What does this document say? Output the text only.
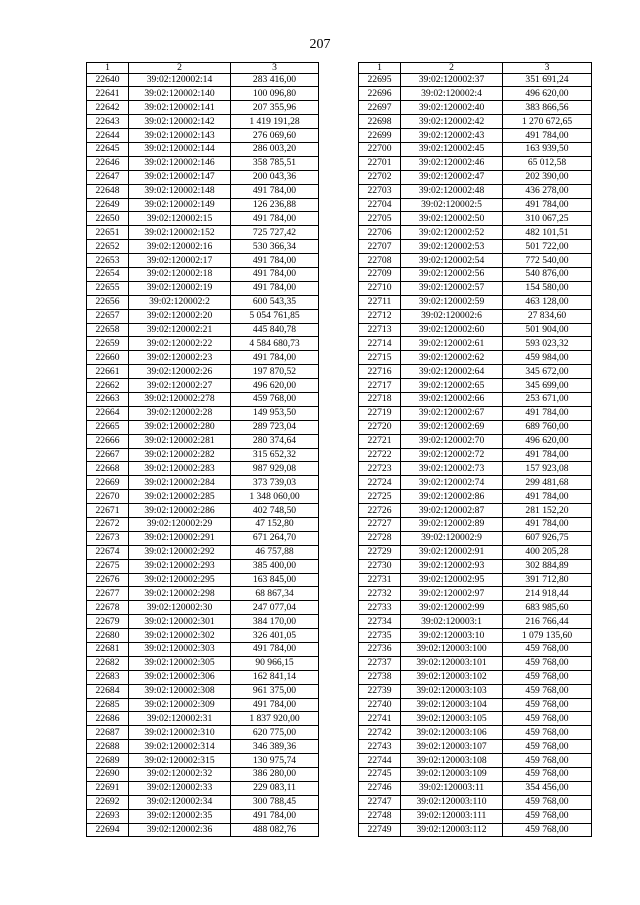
207
1	2	3
22640	39:02:120002:14	283 416,00
22641	39:02:120002:140	100 096,80
22642	39:02:120002:141	207 355,96
22643	39:02:120002:142	1 419 191,28
22644	39:02:120002:143	276 069,60
22645	39:02:120002:144	286 003,20
22646	39:02:120002:146	358 785,51
22647	39:02:120002:147	200 043,36
22648	39:02:120002:148	491 784,00
22649	39:02:120002:149	126 236,88
22650	39:02:120002:15	491 784,00
22651	39:02:120002:152	725 727,42
22652	39:02:120002:16	530 366,34
22653	39:02:120002:17	491 784,00
22654	39:02:120002:18	491 784,00
22655	39:02:120002:19	491 784,00
22656	39:02:120002:2	600 543,35
22657	39:02:120002:20	5 054 761,85
22658	39:02:120002:21	445 840,78
22659	39:02:120002:22	4 584 680,73
22660	39:02:120002:23	491 784,00
22661	39:02:120002:26	197 870,52
22662	39:02:120002:27	496 620,00
22663	39:02:120002:278	459 768,00
22664	39:02:120002:28	149 953,50
22665	39:02:120002:280	289 723,04
22666	39:02:120002:281	280 374,64
22667	39:02:120002:282	315 652,32
22668	39:02:120002:283	987 929,08
22669	39:02:120002:284	373 739,03
22670	39:02:120002:285	1 348 060,00
22671	39:02:120002:286	402 748,50
22672	39:02:120002:29	47 152,80
22673	39:02:120002:291	671 264,70
22674	39:02:120002:292	46 757,88
22675	39:02:120002:293	385 400,00
22676	39:02:120002:295	163 845,00
22677	39:02:120002:298	68 867,34
22678	39:02:120002:30	247 077,04
22679	39:02:120002:301	384 170,00
22680	39:02:120002:302	326 401,05
22681	39:02:120002:303	491 784,00
22682	39:02:120002:305	90 966,15
22683	39:02:120002:306	162 841,14
22684	39:02:120002:308	961 375,00
22685	39:02:120002:309	491 784,00
22686	39:02:120002:31	1 837 920,00
22687	39:02:120002:310	620 775,00
22688	39:02:120002:314	346 389,36
22689	39:02:120002:315	130 975,74
22690	39:02:120002:32	386 280,00
22691	39:02:120002:33	229 083,11
22692	39:02:120002:34	300 788,45
22693	39:02:120002:35	491 784,00
22694	39:02:120002:36	488 082,76
1	2	3
22695	39:02:120002:37	351 691,24
22696	39:02:120002:4	496 620,00
22697	39:02:120002:40	383 866,56
22698	39:02:120002:42	1 270 672,65
22699	39:02:120002:43	491 784,00
22700	39:02:120002:45	163 939,50
22701	39:02:120002:46	65 012,58
22702	39:02:120002:47	202 390,00
22703	39:02:120002:48	436 278,00
22704	39:02:120002:5	491 784,00
22705	39:02:120002:50	310 067,25
22706	39:02:120002:52	482 101,51
22707	39:02:120002:53	501 722,00
22708	39:02:120002:54	772 540,00
22709	39:02:120002:56	540 876,00
22710	39:02:120002:57	154 580,00
22711	39:02:120002:59	463 128,00
22712	39:02:120002:6	27 834,60
22713	39:02:120002:60	501 904,00
22714	39:02:120002:61	593 023,32
22715	39:02:120002:62	459 984,00
22716	39:02:120002:64	345 672,00
22717	39:02:120002:65	345 699,00
22718	39:02:120002:66	253 671,00
22719	39:02:120002:67	491 784,00
22720	39:02:120002:69	689 760,00
22721	39:02:120002:70	496 620,00
22722	39:02:120002:72	491 784,00
22723	39:02:120002:73	157 923,08
22724	39:02:120002:74	299 481,68
22725	39:02:120002:86	491 784,00
22726	39:02:120002:87	281 152,20
22727	39:02:120002:89	491 784,00
22728	39:02:120002:9	607 926,75
22729	39:02:120002:91	400 205,28
22730	39:02:120002:93	302 884,89
22731	39:02:120002:95	391 712,80
22732	39:02:120002:97	214 918,44
22733	39:02:120002:99	683 985,60
22734	39:02:120003:1	216 766,44
22735	39:02:120003:10	1 079 135,60
22736	39:02:120003:100	459 768,00
22737	39:02:120003:101	459 768,00
22738	39:02:120003:102	459 768,00
22739	39:02:120003:103	459 768,00
22740	39:02:120003:104	459 768,00
22741	39:02:120003:105	459 768,00
22742	39:02:120003:106	459 768,00
22743	39:02:120003:107	459 768,00
22744	39:02:120003:108	459 768,00
22745	39:02:120003:109	459 768,00
22746	39:02:120003:11	354 456,00
22747	39:02:120003:110	459 768,00
22748	39:02:120003:111	459 768,00
22749	39:02:120003:112	459 768,00
